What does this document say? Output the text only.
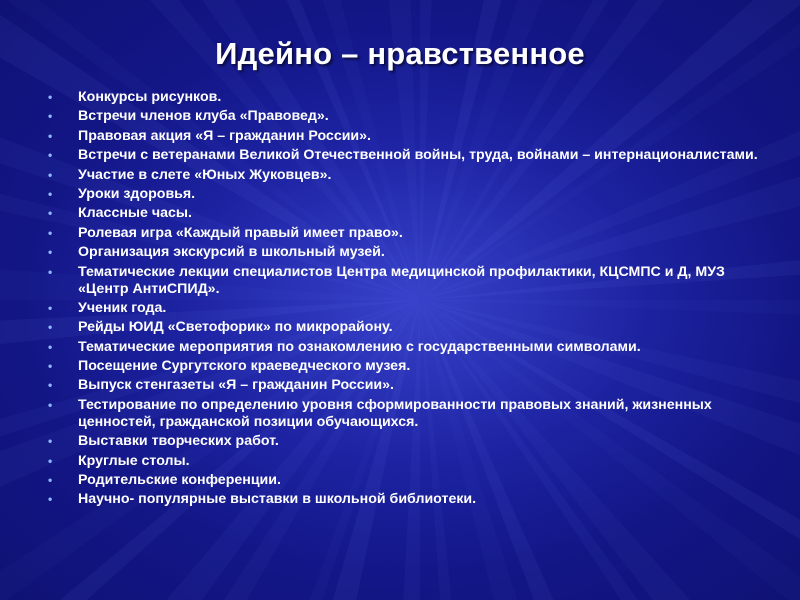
Идейно – нравственное
•	Конкурсы рисунков.
•	Встречи членов клуба «Правовед».
•	Правовая акция «Я – гражданин России».
•	Встречи с ветеранами Великой Отечественной войны, труда, войнами – интернационалистами.
•	Участие в слете «Юных Жуковцев».
•	Уроки здоровья.
•	Классные часы.
•	Ролевая игра «Каждый правый имеет право».
•	Организация экскурсий в школьный музей.
•	Тематические лекции специалистов Центра медицинской профилактики, КЦСМПС и Д, МУЗ «Центр АнтиСПИД».
•	Ученик года.
•	Рейды ЮИД «Светофорик» по микрорайону.
•	Тематические мероприятия по ознакомлению с государственными символами.
•	Посещение Сургутского краеведческого музея.
•	Выпуск стенгазеты «Я – гражданин России».
•	Тестирование по определению уровня сформированности правовых знаний, жизненных ценностей, гражданской позиции обучающихся.
•	Выставки творческих работ.
•	Круглые столы.
•	Родительские конференции.
•	Научно- популярные выставки в школьной библиотеки.
